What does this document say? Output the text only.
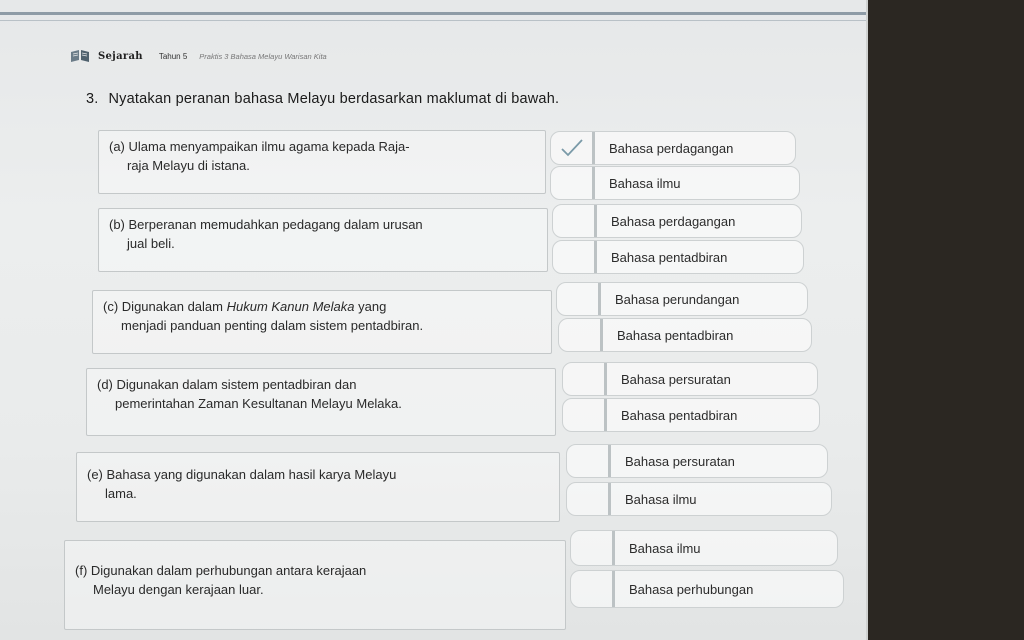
Sejarah Tahun 5 Praktis 3 Bahasa Melayu Warisan Kita
3. Nyatakan peranan bahasa Melayu berdasarkan maklumat di bawah.
(a) Ulama menyampaikan ilmu agama kepada Raja-
raja Melayu di istana.
Bahasa perdagangan
Bahasa ilmu
(b) Berperanan memudahkan pedagang dalam urusan
jual beli.
Bahasa perdagangan
Bahasa pentadbiran
(c) Digunakan dalam Hukum Kanun Melaka yang
menjadi panduan penting dalam sistem pentadbiran.
Bahasa perundangan
Bahasa pentadbiran
(d) Digunakan dalam sistem pentadbiran dan
pemerintahan Zaman Kesultanan Melayu Melaka.
Bahasa persuratan
Bahasa pentadbiran
(e) Bahasa yang digunakan dalam hasil karya Melayu
lama.
Bahasa persuratan
Bahasa ilmu
(f) Digunakan dalam perhubungan antara kerajaan
Melayu dengan kerajaan luar.
Bahasa ilmu
Bahasa perhubungan
